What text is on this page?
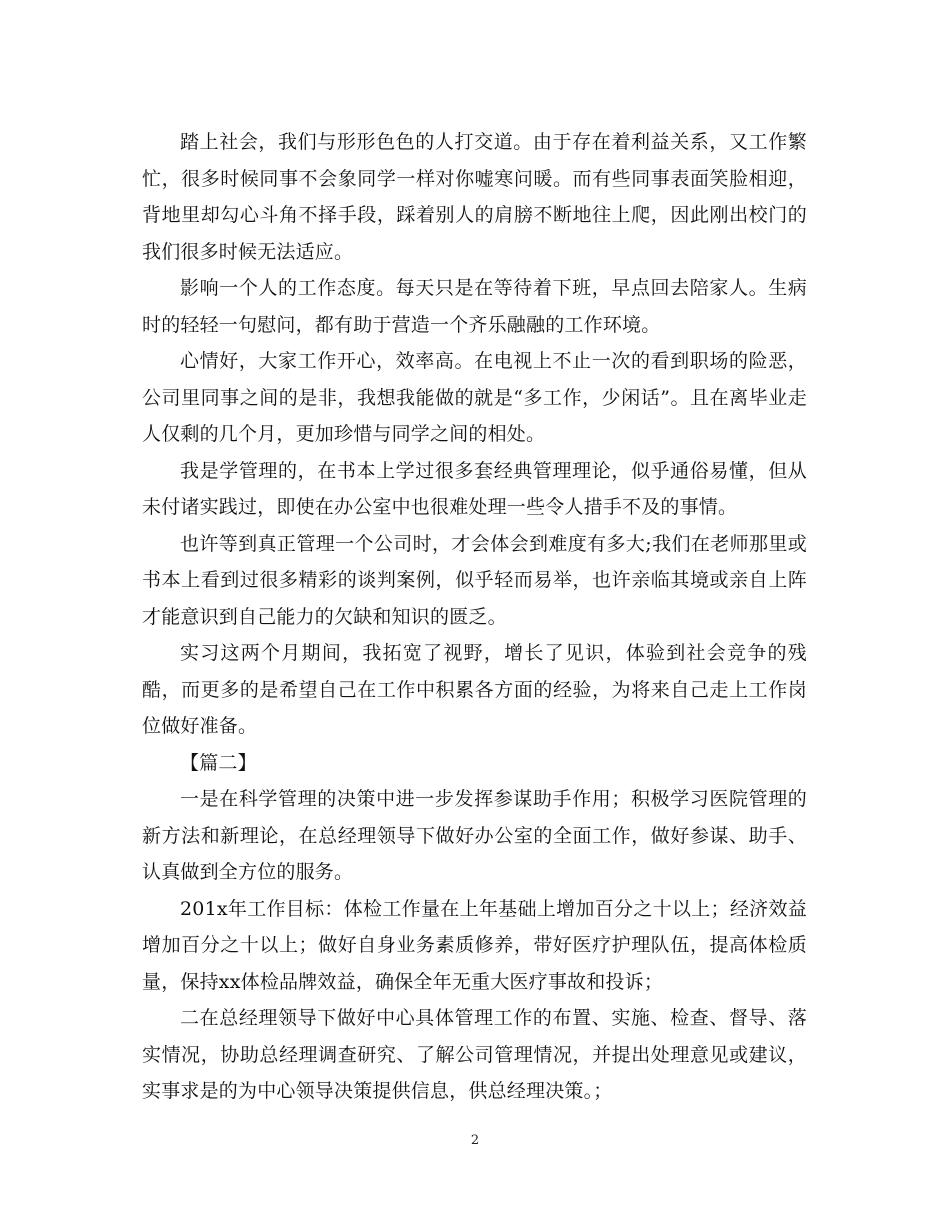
踏上社会，我们与形形色色的人打交道。由于存在着利益关系，又工作繁忙，很多时候同事不会象同学一样对你嘘寒问暖。而有些同事表面笑脸相迎，背地里却勾心斗角不择手段，踩着别人的肩膀不断地往上爬，因此刚出校门的我们很多时候无法适应。

影响一个人的工作态度。每天只是在等待着下班，早点回去陪家人。生病时的轻轻一句慰问，都有助于营造一个齐乐融融的工作环境。

心情好，大家工作开心，效率高。在电视上不止一次的看到职场的险恶，公司里同事之间的是非，我想我能做的就是“多工作，少闲话”。且在离毕业走人仅剩的几个月，更加珍惜与同学之间的相处。

我是学管理的，在书本上学过很多套经典管理理论，似乎通俗易懂，但从未付诸实践过，即使在办公室中也很难处理一些令人措手不及的事情。

也许等到真正管理一个公司时，才会体会到难度有多大;我们在老师那里或书本上看到过很多精彩的谈判案例，似乎轻而易举，也许亲临其境或亲自上阵才能意识到自己能力的欠缺和知识的匮乏。

实习这两个月期间，我拓宽了视野，增长了见识，体验到社会竞争的残酷，而更多的是希望自己在工作中积累各方面的经验，为将来自己走上工作岗位做好准备。

【篇二】

一是在科学管理的决策中进一步发挥参谋助手作用；积极学习医院管理的新方法和新理论，在总经理领导下做好办公室的全面工作，做好参谋、助手、认真做到全方位的服务。

201x年工作目标：体检工作量在上年基础上增加百分之十以上；经济效益增加百分之十以上；做好自身业务素质修养，带好医疗护理队伍，提高体检质量，保持xx体检品牌效益，确保全年无重大医疗事故和投诉；

二在总经理领导下做好中心具体管理工作的布置、实施、检查、督导、落实情况，协助总经理调查研究、了解公司管理情况，并提出处理意见或建议，实事求是的为中心领导决策提供信息，供总经理决策。；

2
